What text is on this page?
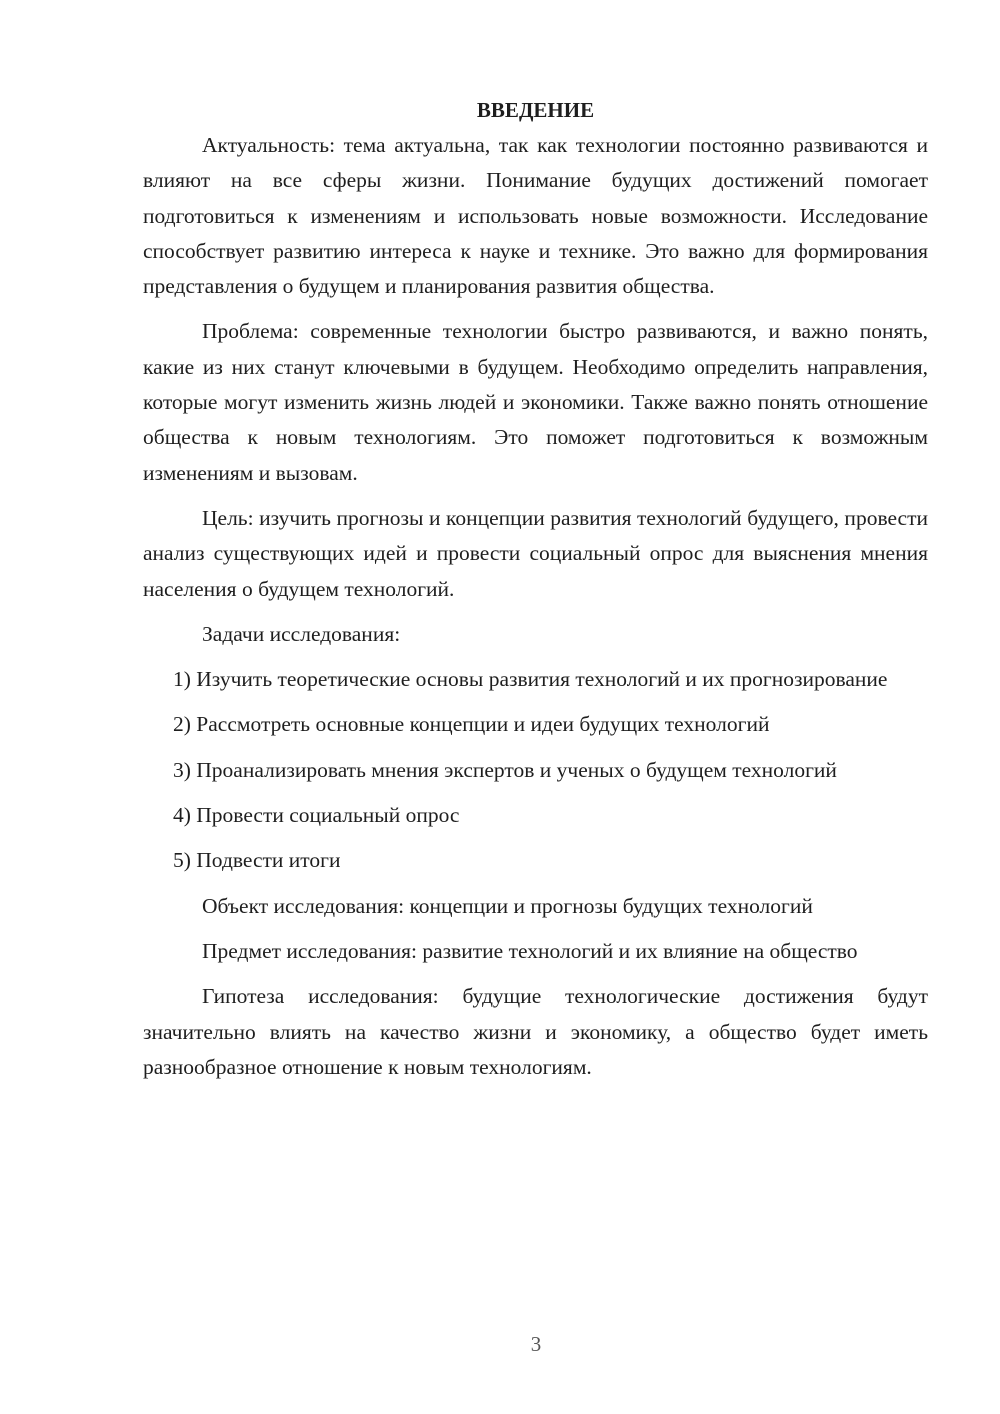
ВВЕДЕНИЕ

Актуальность: тема актуальна, так как технологии постоянно развиваются и влияют на все сферы жизни. Понимание будущих достижений помогает подготовиться к изменениям и использовать новые возможности. Исследование способствует развитию интереса к науке и технике. Это важно для формирования представления о будущем и планирования развития общества.

Проблема: современные технологии быстро развиваются, и важно понять, какие из них станут ключевыми в будущем. Необходимо определить направления, которые могут изменить жизнь людей и экономики. Также важно понять отношение общества к новым технологиям. Это поможет подготовиться к возможным изменениям и вызовам.

Цель: изучить прогнозы и концепции развития технологий будущего, провести анализ существующих идей и провести социальный опрос для выяснения мнения населения о будущем технологий.

Задачи исследования:

1) Изучить теоретические основы развития технологий и их прогнозирование

2) Рассмотреть основные концепции и идеи будущих технологий

3) Проанализировать мнения экспертов и ученых о будущем технологий

4) Провести социальный опрос

5) Подвести итоги

Объект исследования: концепции и прогнозы будущих технологий

Предмет исследования: развитие технологий и их влияние на общество

Гипотеза исследования: будущие технологические достижения будут значительно влиять на качество жизни и экономику, а общество будет иметь разнообразное отношение к новым технологиям.

3
